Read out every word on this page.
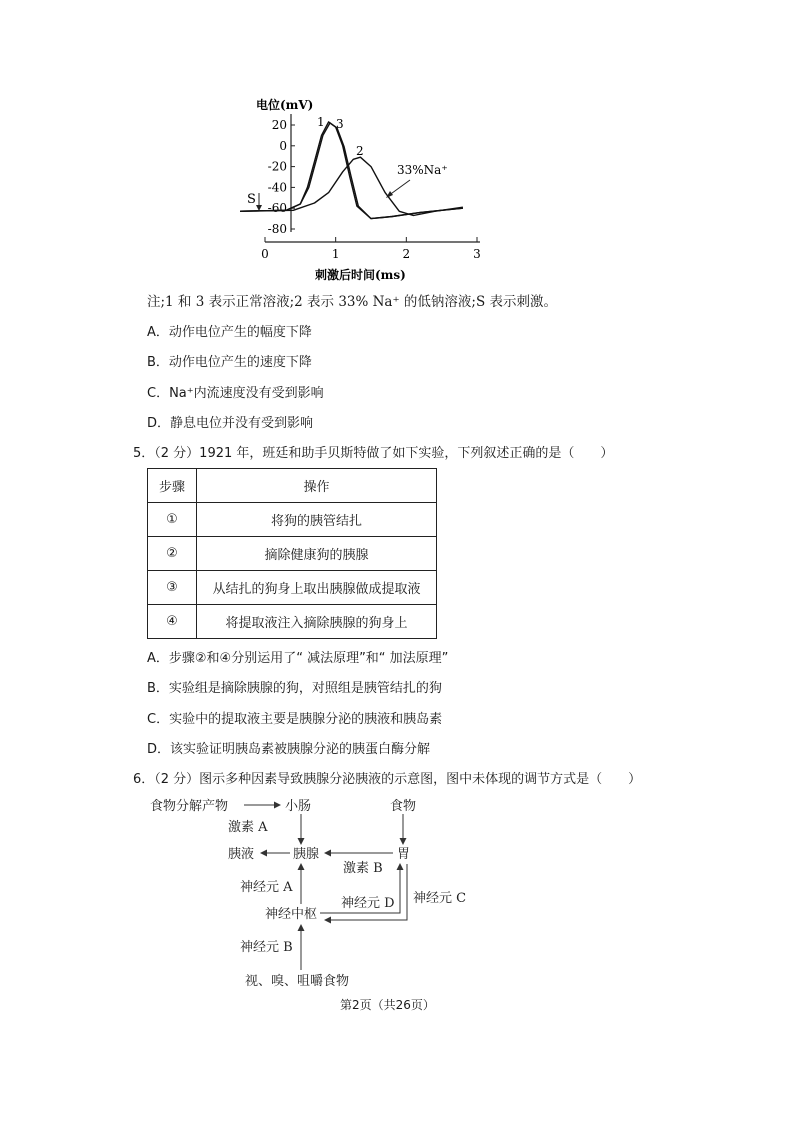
电位(mV)
20
0
-20
-40
-60
-80
0	1	2	3
1 3
2
33%Na⁺
S
刺激后时间(ms)
注;1 和 3 表示正常溶液;2 表示 33% Na⁺ 的低钠溶液;S 表示刺激。
A．动作电位产生的幅度下降
B．动作电位产生的速度下降
C．Na⁺内流速度没有受到影响
D．静息电位并没有受到影响
5．（2 分）1921 年，班廷和助手贝斯特做了如下实验，下列叙述正确的是（　　）
步骤	操作
①	将狗的胰管结扎
②	摘除健康狗的胰腺
③	从结扎的狗身上取出胰腺做成提取液
④	将提取液注入摘除胰腺的狗身上
A．步骤②和④分别运用了“ 减法原理”和“ 加法原理”
B．实验组是摘除胰腺的狗，对照组是胰管结扎的狗
C．实验中的提取液主要是胰腺分泌的胰液和胰岛素
D．该实验证明胰岛素被胰腺分泌的胰蛋白酶分解
6．（2 分）图示多种因素导致胰腺分泌胰液的示意图，图中未体现的调节方式是（　　）
食物分解产物	小肠	食物
激素 A
胰液	胰腺	胃
激素 B
神经元 A
神经元 C
神经元 D
神经中枢
神经元 B
视、嗅、咀嚼食物
第2页（共26页）
